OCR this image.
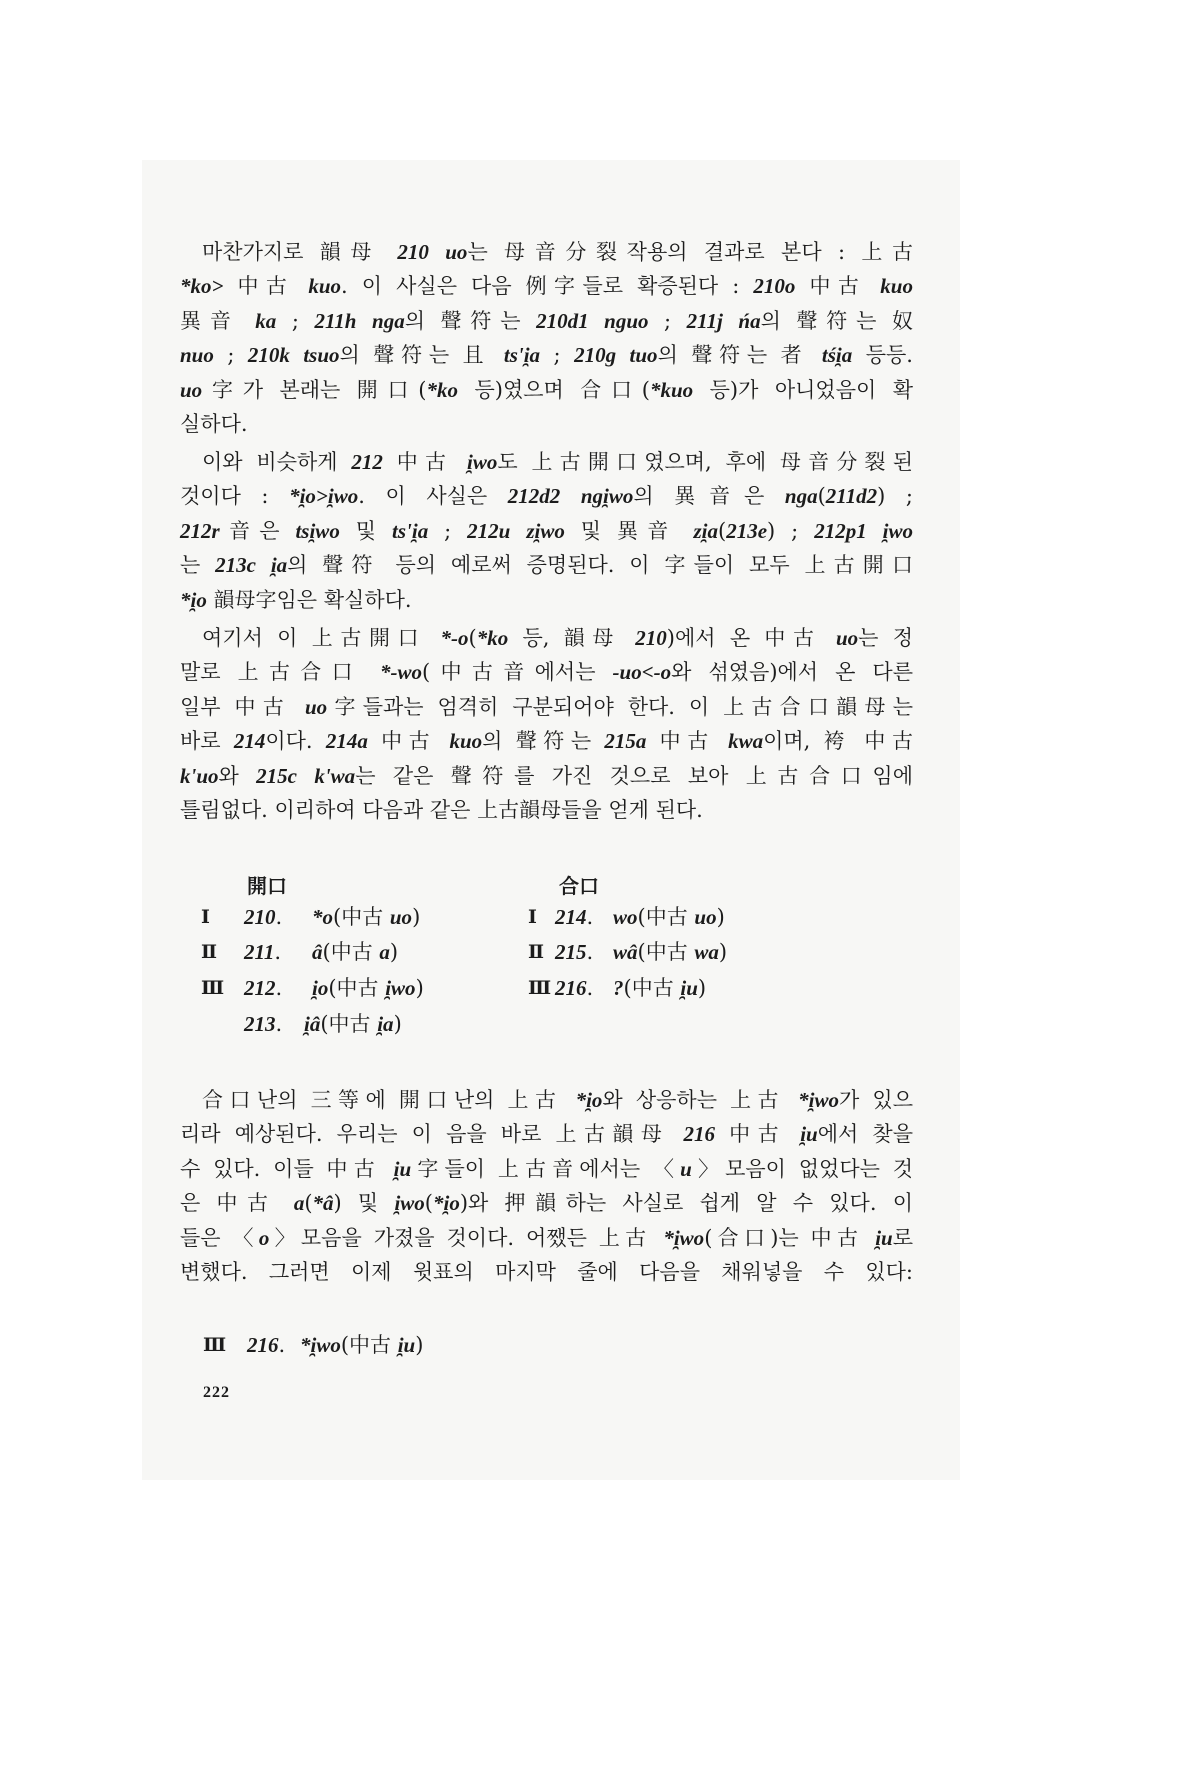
마찬가지로 韻母 210 uo는 母音分裂작용의 결과로 본다 : 上古
*ko> 中古 kuo. 이 사실은 다음 例字들로 확증된다 : 210o 中古 kuo
異音 ka ; 211h nga의 聲符는 210d1 nguo ; 211j ńa의 聲符는 奴
nuo ; 210k tsuo의 聲符는 且 ts'i̯a ; 210g tuo의 聲符는 者 tśi̯a 등등.
uo字가 본래는 開口(*ko 등)였으며 合口(*kuo 등)가 아니었음이 확
실하다.
이와 비슷하게 212 中古 i̯wo도 上古開口였으며, 후에 母音分裂된
것이다 : *i̯o>i̯wo. 이 사실은 212d2 ngi̯wo의 異音은 nga(211d2) ;
212r音은 tsi̯wo 및 ts'i̯a ; 212u zi̯wo 및 異音 zi̯a(213e) ; 212p1 i̯wo
는 213c i̯a의 聲符 등의 예로써 증명된다. 이 字들이 모두 上古開口
*i̯o 韻母字임은 확실하다.
여기서 이 上古開口 *-o(*ko 등, 韻母 210)에서 온 中古 uo는 정
말로 上古合口 *-wo(中古音에서는 -uo<-o와 섞였음)에서 온 다른
일부 中古 uo字들과는 엄격히 구분되어야 한다. 이 上古合口韻母는
바로 214이다. 214a 中古 kuo의 聲符는 215a 中古 kwa이며, 袴 中古
k'uo와 215c k'wa는 같은 聲符를 가진 것으로 보아 上古合口임에
틀림없다. 이리하여 다음과 같은 上古韻母들을 얻게 된다.
開口	合口
Ⅰ 210. *o(中古 uo)	Ⅰ 214. wo(中古 uo)
Ⅱ 211. â(中古 a)	Ⅱ 215. wâ(中古 wa)
Ⅲ 212. i̯o(中古 i̯wo)	Ⅲ 216. ?(中古 i̯u)
213. i̯â(中古 i̯a)
合口난의 三等에 開口난의 上古 *i̯o와 상응하는 上古 *i̯wo가 있으
리라 예상된다. 우리는 이 음을 바로 上古韻母 216 中古 i̯u에서 찾을
수 있다. 이들 中古 i̯u字들이 上古音에서는 〈u〉모음이 없었다는 것
은 中古 a(*â) 및 i̯wo(*i̯o)와 押韻하는 사실로 쉽게 알 수 있다. 이
들은 〈o〉모음을 가졌을 것이다. 어쨌든 上古 *i̯wo(合口)는 中古 i̯u로
변했다. 그러면 이제 윗표의 마지막 줄에 다음을 채워넣을 수 있다:
Ⅲ 216. *i̯wo(中古 i̯u)
222
